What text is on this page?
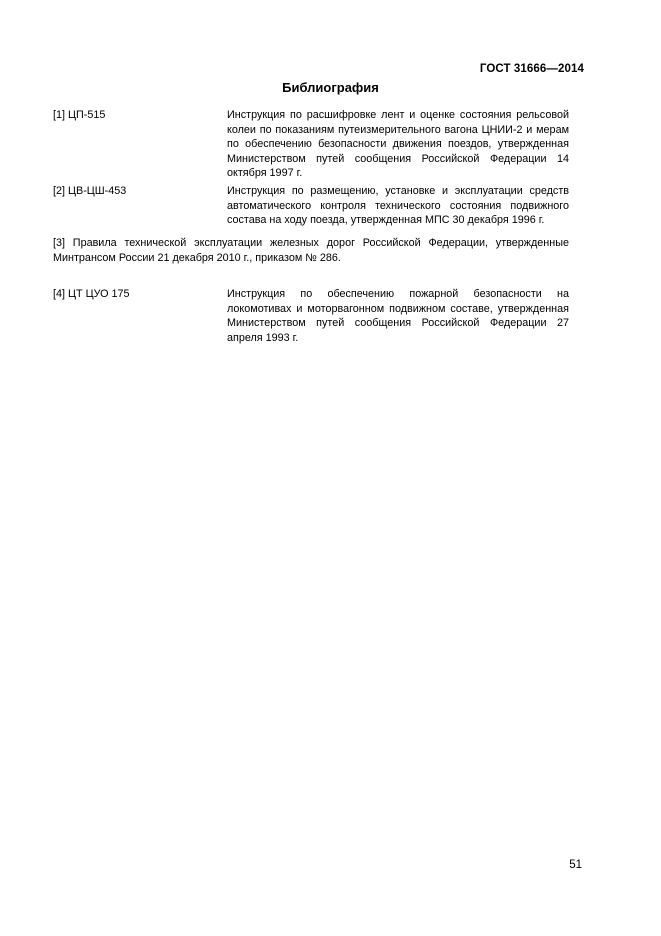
ГОСТ 31666—2014
Библиография
[1] ЦП-515	Инструкция по расшифровке лент и оценке состояния рельсовой колеи по показаниям путеизмерительного вагона ЦНИИ-2 и мерам по обеспечению безопасности движения поездов, утвержденная Министерством путей сообщения Российской Федерации 14 октября 1997 г.
[2] ЦВ-ЦШ-453	Инструкция по размещению, установке и эксплуатации средств автоматического контроля технического состояния подвижного состава на ходу поезда, утвержденная МПС 30 декабря 1996 г.
[3] Правила технической эксплуатации железных дорог Российской Федерации, утвержденные Минтрансом России 21 декабря 2010 г., приказом № 286.
[4] ЦТ ЦУО 175	Инструкция по обеспечению пожарной безопасности на локомотивах и моторвагонном подвижном составе, утвержденная Министерством путей сообщения Российской Федерации 27 апреля 1993 г.
51
